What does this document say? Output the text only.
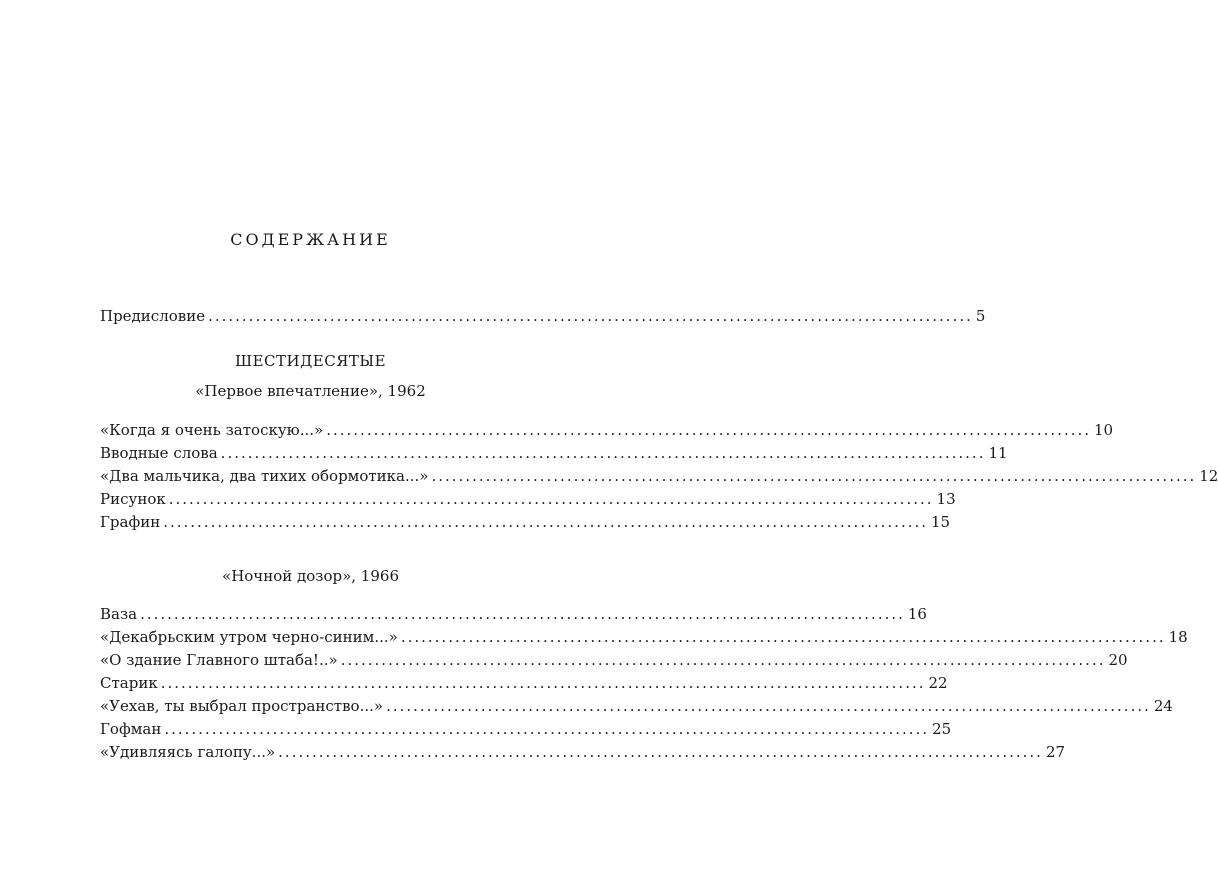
СОДЕРЖАНИЕ
Предисловие ................................................................................................................. 5
ШЕСТИДЕСЯТЫЕ
«Первое впечатление», 1962
«Когда я очень затоскую...» ................................................................................................................. 10
Вводные слова ................................................................................................................. 11
«Два мальчика, два тихих обормотика...» ................................................................................................................. 12
Рисунок ................................................................................................................. 13
Графин ................................................................................................................. 15
«Ночной дозор», 1966
Ваза ................................................................................................................. 16
«Декабрьским утром черно-синим...» ................................................................................................................. 18
«О здание Главного штаба!..» ................................................................................................................. 20
Старик ................................................................................................................. 22
«Уехав, ты выбрал пространство...» ................................................................................................................. 24
Гофман ................................................................................................................. 25
«Удивляясь галопу...» ................................................................................................................. 27
